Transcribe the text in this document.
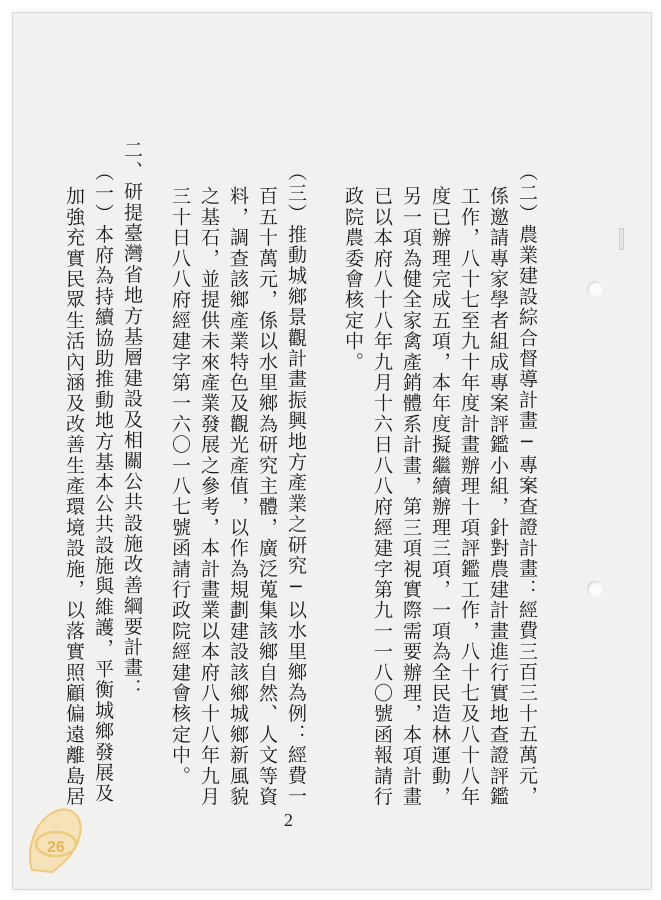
（二）農業建設綜合督導計畫─專案查證計畫：經費三百三十五萬元，
係邀請專家學者組成專案評鑑小組，針對農建計畫進行實地查證評鑑
工作，八十七至九十年度計畫辦理十項評鑑工作，八十七及八十八年
度已辦理完成五項，本年度擬繼續辦理三項，一項為全民造林運動，
另一項為健全家禽產銷體系計畫，第三項視實際需要辦理，本項計畫
已以本府八十八年九月十六日八八府經建字第九一一八〇號函報請行
政院農委會核定中。
（三）推動城鄉景觀計畫振興地方產業之研究─以水里鄉為例：經費一
百五十萬元，係以水里鄉為研究主體，廣泛蒐集該鄉自然、人文等資
料，調查該鄉產業特色及觀光產值，以作為規劃建設該鄉城鄉新風貌
之基石，並提供未來產業發展之參考，本計畫業以本府八十八年九月
三十日八八府經建字第一六〇一八七號函請行政院經建會核定中。
二、研提臺灣省地方基層建設及相關公共設施改善綱要計畫：
（一）本府為持續協助推動地方基本公共設施與維護，平衡城鄉發展及
加強充實民眾生活內涵及改善生產環境設施，以落實照顧偏遠離島居
2
26
